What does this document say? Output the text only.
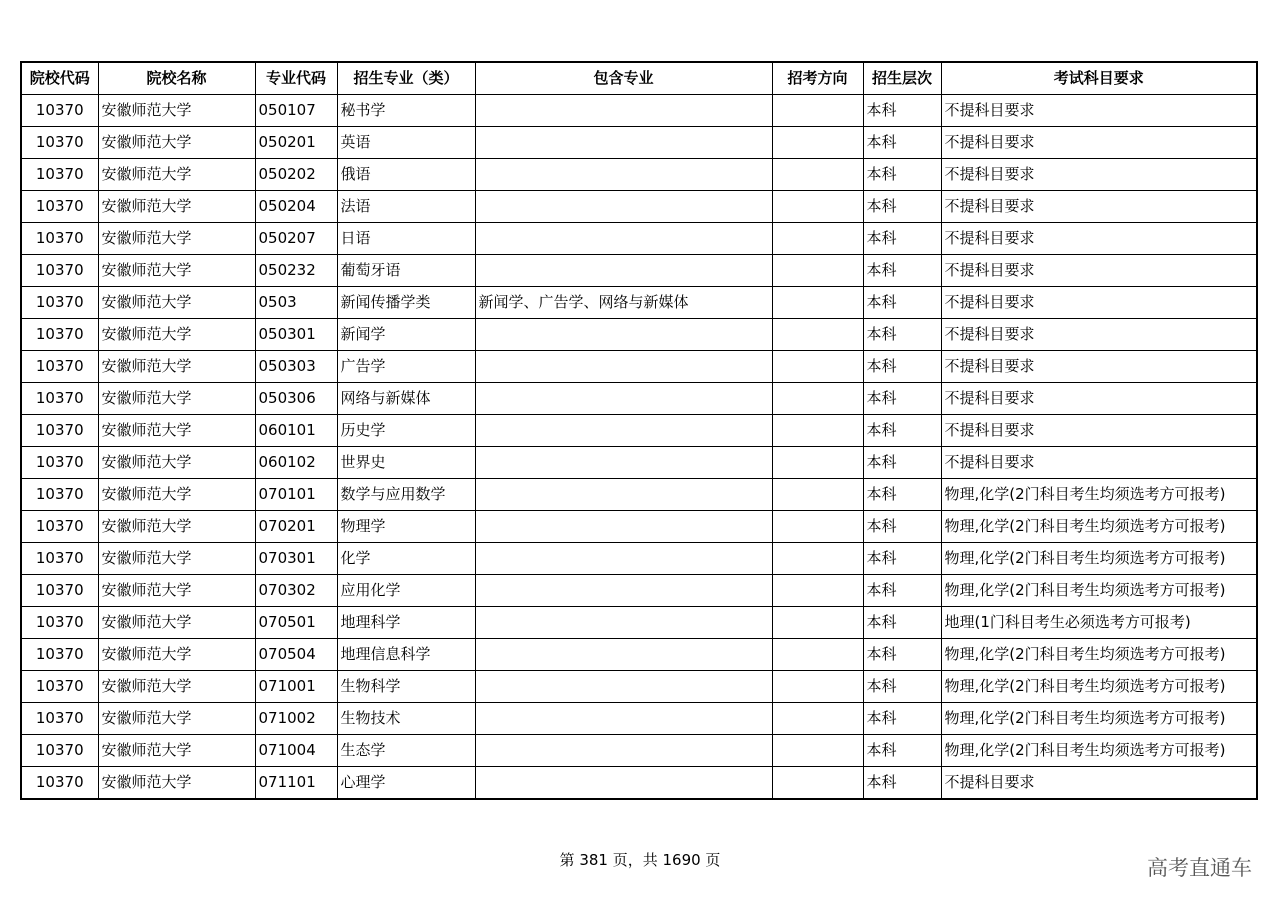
院校代码	院校名称	专业代码	招生专业（类）	包含专业	招考方向	招生层次	考试科目要求
10370	安徽师范大学	050107	秘书学			本科	不提科目要求
10370	安徽师范大学	050201	英语			本科	不提科目要求
10370	安徽师范大学	050202	俄语			本科	不提科目要求
10370	安徽师范大学	050204	法语			本科	不提科目要求
10370	安徽师范大学	050207	日语			本科	不提科目要求
10370	安徽师范大学	050232	葡萄牙语			本科	不提科目要求
10370	安徽师范大学	0503	新闻传播学类	新闻学、广告学、网络与新媒体		本科	不提科目要求
10370	安徽师范大学	050301	新闻学			本科	不提科目要求
10370	安徽师范大学	050303	广告学			本科	不提科目要求
10370	安徽师范大学	050306	网络与新媒体			本科	不提科目要求
10370	安徽师范大学	060101	历史学			本科	不提科目要求
10370	安徽师范大学	060102	世界史			本科	不提科目要求
10370	安徽师范大学	070101	数学与应用数学			本科	物理,化学(2门科目考生均须选考方可报考)
10370	安徽师范大学	070201	物理学			本科	物理,化学(2门科目考生均须选考方可报考)
10370	安徽师范大学	070301	化学			本科	物理,化学(2门科目考生均须选考方可报考)
10370	安徽师范大学	070302	应用化学			本科	物理,化学(2门科目考生均须选考方可报考)
10370	安徽师范大学	070501	地理科学			本科	地理(1门科目考生必须选考方可报考)
10370	安徽师范大学	070504	地理信息科学			本科	物理,化学(2门科目考生均须选考方可报考)
10370	安徽师范大学	071001	生物科学			本科	物理,化学(2门科目考生均须选考方可报考)
10370	安徽师范大学	071002	生物技术			本科	物理,化学(2门科目考生均须选考方可报考)
10370	安徽师范大学	071004	生态学			本科	物理,化学(2门科目考生均须选考方可报考)
10370	安徽师范大学	071101	心理学			本科	不提科目要求
第 381 页，共 1690 页	高考直通车
